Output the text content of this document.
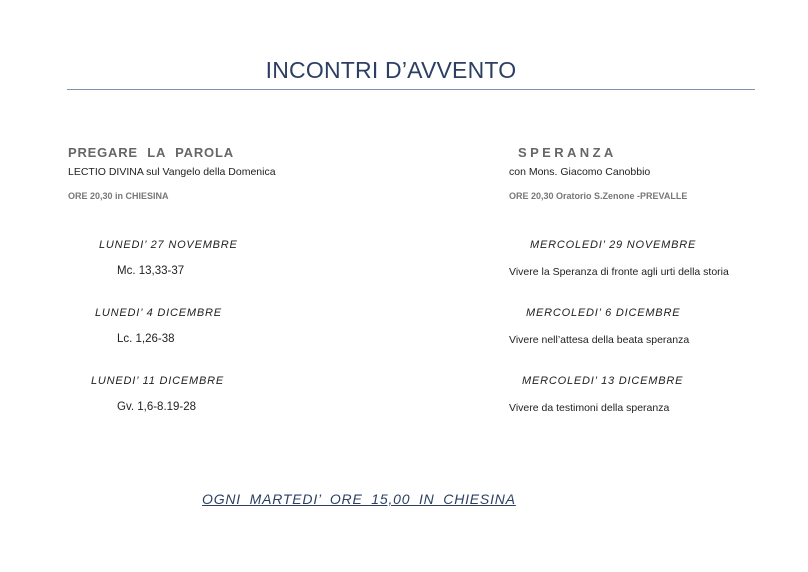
INCONTRI D’AVVENTO
PREGARE LA PAROLA
LECTIO DIVINA sul Vangelo della Domenica
ORE 20,30 in CHIESINA
LUNEDI’ 27 NOVEMBRE
Mc. 13,33-37
LUNEDI’ 4 DICEMBRE
Lc. 1,26-38
LUNEDI’ 11 DICEMBRE
Gv. 1,6-8.19-28
SPERANZA
con Mons. Giacomo Canobbio
ORE 20,30 Oratorio S.Zenone -PREVALLE
MERCOLEDI’ 29 NOVEMBRE
Vivere la Speranza di fronte agli urti della storia
MERCOLEDI’ 6 DICEMBRE
Vivere nell’attesa della beata speranza
MERCOLEDI’ 13 DICEMBRE
Vivere da testimoni della speranza
OGNI MARTEDI’ ORE 15,00 IN CHIESINA
